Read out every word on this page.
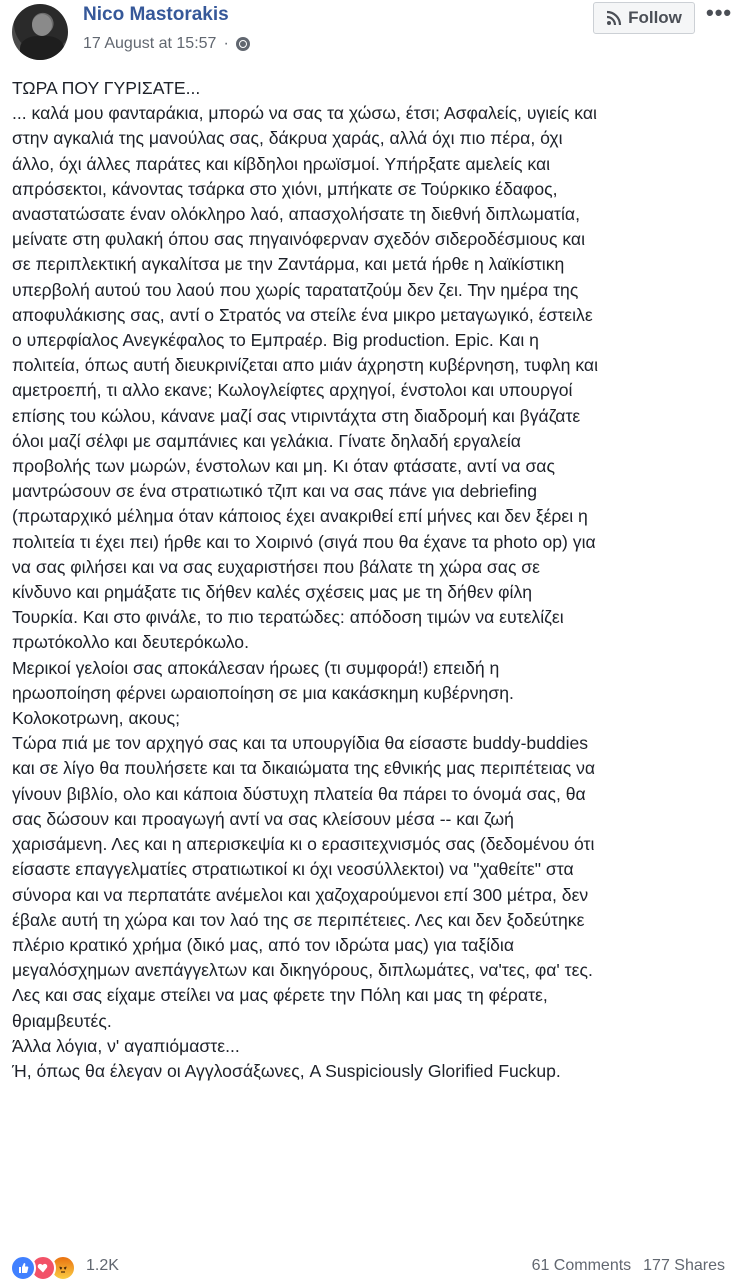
Nico Mastorakis
17 August at 15:57 ·
Follow •••
ΤΩΡΑ ΠΟΥ ΓΥΡΙΣΑΤΕ...
... καλά μου φανταράκια, μπορώ να σας τα χώσω, έτσι; Ασφαλείς, υγιείς και
στην αγκαλιά της μανούλας σας, δάκρυα χαράς, αλλά όχι πιο πέρα, όχι
άλλο, όχι άλλες παράτες και κίβδηλοι ηρωϊσμοί. Υπήρξατε αμελείς και
απρόσεκτοι, κάνοντας τσάρκα στο χιόνι, μπήκατε σε Τούρκικο έδαφος,
αναστατώσατε έναν ολόκληρο λαό, απασχολήσατε τη διεθνή διπλωματία,
μείνατε στη φυλακή όπου σας πηγαινόφερναν σχεδόν σιδεροδέσμιους και
σε περιπλεκτική αγκαλίτσα με την Ζαντάρμα, και μετά ήρθε η λαϊκίστικη
υπερβολή αυτού του λαού που χωρίς ταρατατζούμ δεν ζει. Την ημέρα της
αποφυλάκισης σας, αντί ο Στρατός να στείλε ένα μικρο μεταγωγικό, έστειλε
ο υπερφίαλος Ανεγκέφαλος το Εμπραέρ. Big production. Epic. Και η
πολιτεία, όπως αυτή διευκρινίζεται απο μιάν άχρηστη κυβέρνηση, τυφλη και
αμετροεπή, τι αλλο εκανε; Κωλογλείφτες αρχηγοί, ένστολοι και υπουργοί
επίσης του κώλου, κάνανε μαζί σας ντιριντάχτα στη διαδρομή και βγάζατε
όλοι μαζί σέλφι με σαμπάνιες και γελάκια. Γίνατε δηλαδή εργαλεία
προβολής των μωρών, ένστολων και μη. Κι όταν φτάσατε, αντί να σας
μαντρώσουν σε ένα στρατιωτικό τζιπ και να σας πάνε για debriefing
(πρωταρχικό μέλημα όταν κάποιος έχει ανακριθεί επί μήνες και δεν ξέρει η
πολιτεία τι έχει πει) ήρθε και το Χοιρινό (σιγά που θα έχανε τα photo op) για
να σας φιλήσει και να σας ευχαριστήσει που βάλατε τη χώρα σας σε
κίνδυνο και ρημάξατε τις δήθεν καλές σχέσεις μας με τη δήθεν φίλη
Τουρκία. Και στο φινάλε, το πιο τερατώδες: απόδοση τιμών να ευτελίζει
πρωτόκολλο και δευτερόκωλο.
Μερικοί γελοίοι σας αποκάλεσαν ήρωες (τι συμφορά!) επειδή η
ηρωοποίηση φέρνει ωραιοποίηση σε μια κακάσκημη κυβέρνηση.
Κολοκοτρωνη, ακους;
Τώρα πιά με τον αρχηγό σας και τα υπουργίδια θα είσαστε buddy-buddies
και σε λίγο θα πουλήσετε και τα δικαιώματα της εθνικής μας περιπέτειας να
γίνουν βιβλίο, ολο και κάποια δύστυχη πλατεία θα πάρει το όνομά σας, θα
σας δώσουν και προαγωγή αντί να σας κλείσουν μέσα -- και ζωή
χαρισάμενη. Λες και η απερισκεψία κι ο ερασιτεχνισμός σας (δεδομένου ότι
είσαστε επαγγελματίες στρατιωτικοί κι όχι νεοσύλλεκτοι) να "χαθείτε" στα
σύνορα και να περπατάτε ανέμελοι και χαζοχαρούμενοι επί 300 μέτρα, δεν
έβαλε αυτή τη χώρα και τον λαό της σε περιπέτειες. Λες και δεν ξοδεύτηκε
πλέριο κρατικό χρήμα (δικό μας, από τον ιδρώτα μας) για ταξίδια
μεγαλόσχημων ανεπάγγελτων και δικηγόρους, διπλωμάτες, να'τες, φα' τες.
Λες και σας είχαμε στείλει να μας φέρετε την Πόλη και μας τη φέρατε,
θριαμβευτές.
Άλλα λόγια, ν' αγαπιόμαστε...
Ή, όπως θα έλεγαν οι Αγγλοσάξωνες, A Suspiciously Glorified Fuckup.
1.2K	61 Comments 177 Shares
